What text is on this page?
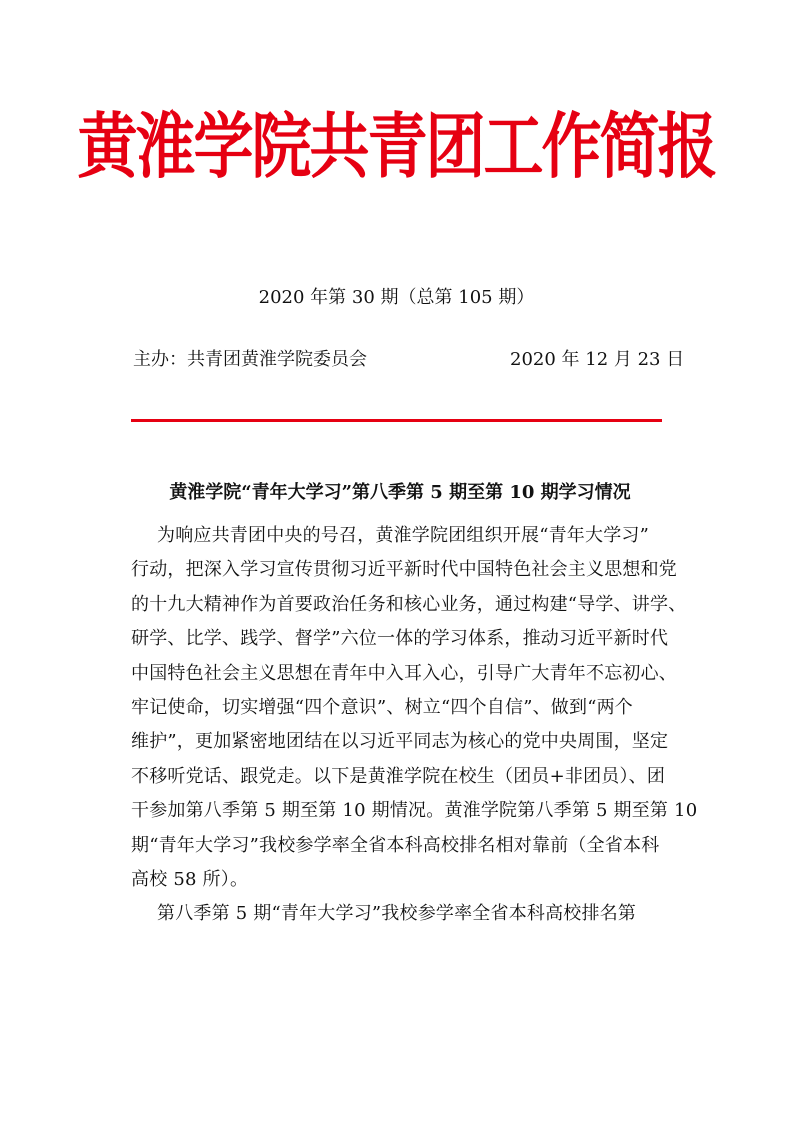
黄淮学院共青团工作简报
2020 年第 30 期（总第 105 期）
主办：共青团黄淮学院委员会	2020 年 12 月 23 日
黄淮学院“青年大学习”第八季第 5 期至第 10 期学习情况
为响应共青团中央的号召，黄淮学院团组织开展“青年大学习”
行动，把深入学习宣传贯彻习近平新时代中国特色社会主义思想和党
的十九大精神作为首要政治任务和核心业务，通过构建“导学、讲学、
研学、比学、践学、督学”六位一体的学习体系，推动习近平新时代
中国特色社会主义思想在青年中入耳入心，引导广大青年不忘初心、
牢记使命，切实增强“四个意识”、树立“四个自信”、做到“两个
维护”，更加紧密地团结在以习近平同志为核心的党中央周围，坚定
不移听党话、跟党走。以下是黄淮学院在校生（团员+非团员）、团
干参加第八季第 5 期至第 10 期情况。黄淮学院第八季第 5 期至第 10
期“青年大学习”我校参学率全省本科高校排名相对靠前（全省本科
高校 58 所）。
第八季第 5 期“青年大学习”我校参学率全省本科高校排名第
